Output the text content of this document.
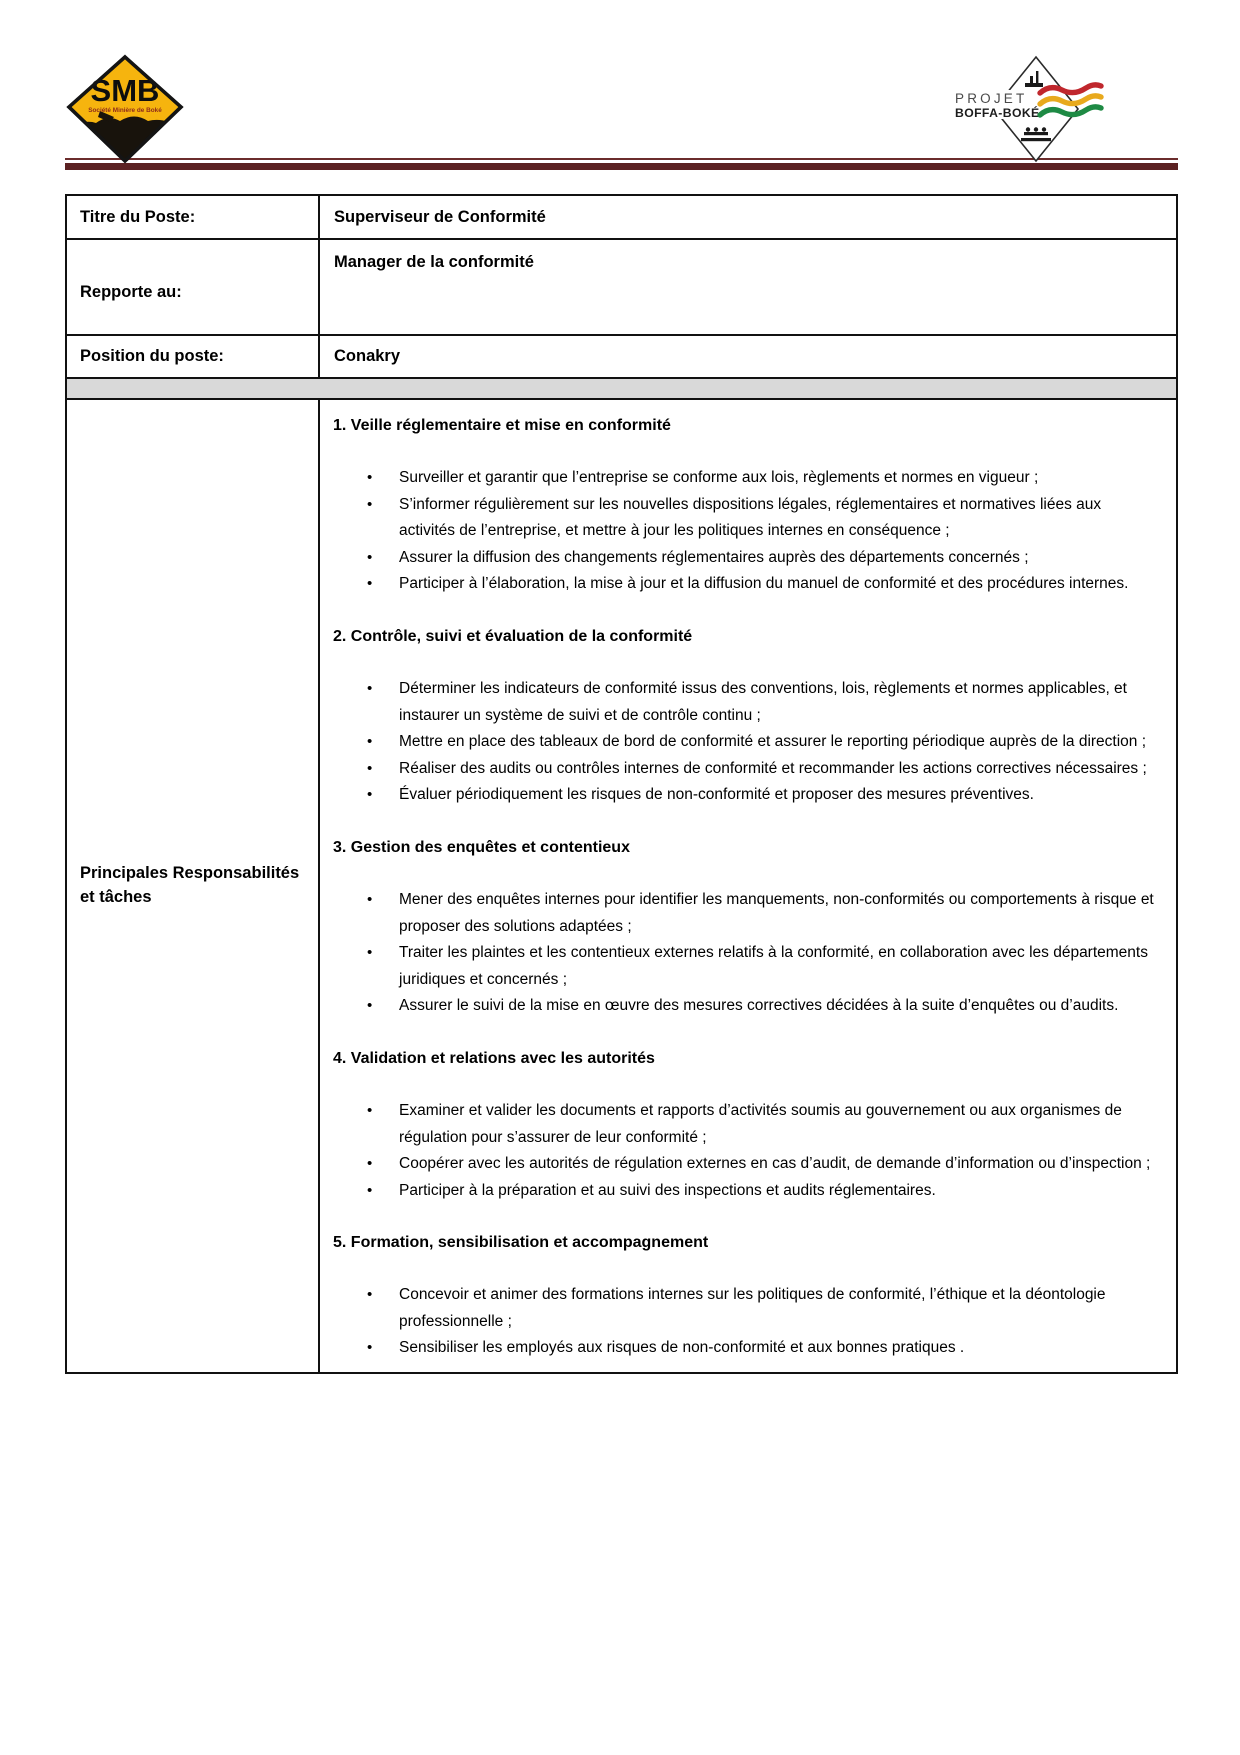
SMB
Société Minière de Boké
PROJET
BOFFA-BOKÉ
Titre du Poste:	Superviseur de Conformité
Repporte au:	Manager de la conformité
Position du poste:	Conakry

Principales Responsabilités et tâches	
1. Veille réglementaire et mise en conformité
• Surveiller et garantir que l’entreprise se conforme aux lois, règlements et normes en vigueur ;
• S’informer régulièrement sur les nouvelles dispositions légales, réglementaires et normatives liées aux activités de l’entreprise, et mettre à jour les politiques internes en conséquence ;
• Assurer la diffusion des changements réglementaires auprès des départements concernés ;
• Participer à l’élaboration, la mise à jour et la diffusion du manuel de conformité et des procédures internes.
2. Contrôle, suivi et évaluation de la conformité
• Déterminer les indicateurs de conformité issus des conventions, lois, règlements et normes applicables, et instaurer un système de suivi et de contrôle continu ;
• Mettre en place des tableaux de bord de conformité et assurer le reporting périodique auprès de la direction ;
• Réaliser des audits ou contrôles internes de conformité et recommander les actions correctives nécessaires ;
• Évaluer périodiquement les risques de non-conformité et proposer des mesures préventives.
3. Gestion des enquêtes et contentieux
• Mener des enquêtes internes pour identifier les manquements, non-conformités ou comportements à risque et proposer des solutions adaptées ;
• Traiter les plaintes et les contentieux externes relatifs à la conformité, en collaboration avec les départements juridiques et concernés ;
• Assurer le suivi de la mise en œuvre des mesures correctives décidées à la suite d’enquêtes ou d’audits.
4. Validation et relations avec les autorités
• Examiner et valider les documents et rapports d’activités soumis au gouvernement ou aux organismes de régulation pour s’assurer de leur conformité ;
• Coopérer avec les autorités de régulation externes en cas d’audit, de demande d’information ou d’inspection ;
• Participer à la préparation et au suivi des inspections et audits réglementaires.
5. Formation, sensibilisation et accompagnement
• Concevoir et animer des formations internes sur les politiques de conformité, l’éthique et la déontologie professionnelle ;
• Sensibiliser les employés aux risques de non-conformité et aux bonnes pratiques .
